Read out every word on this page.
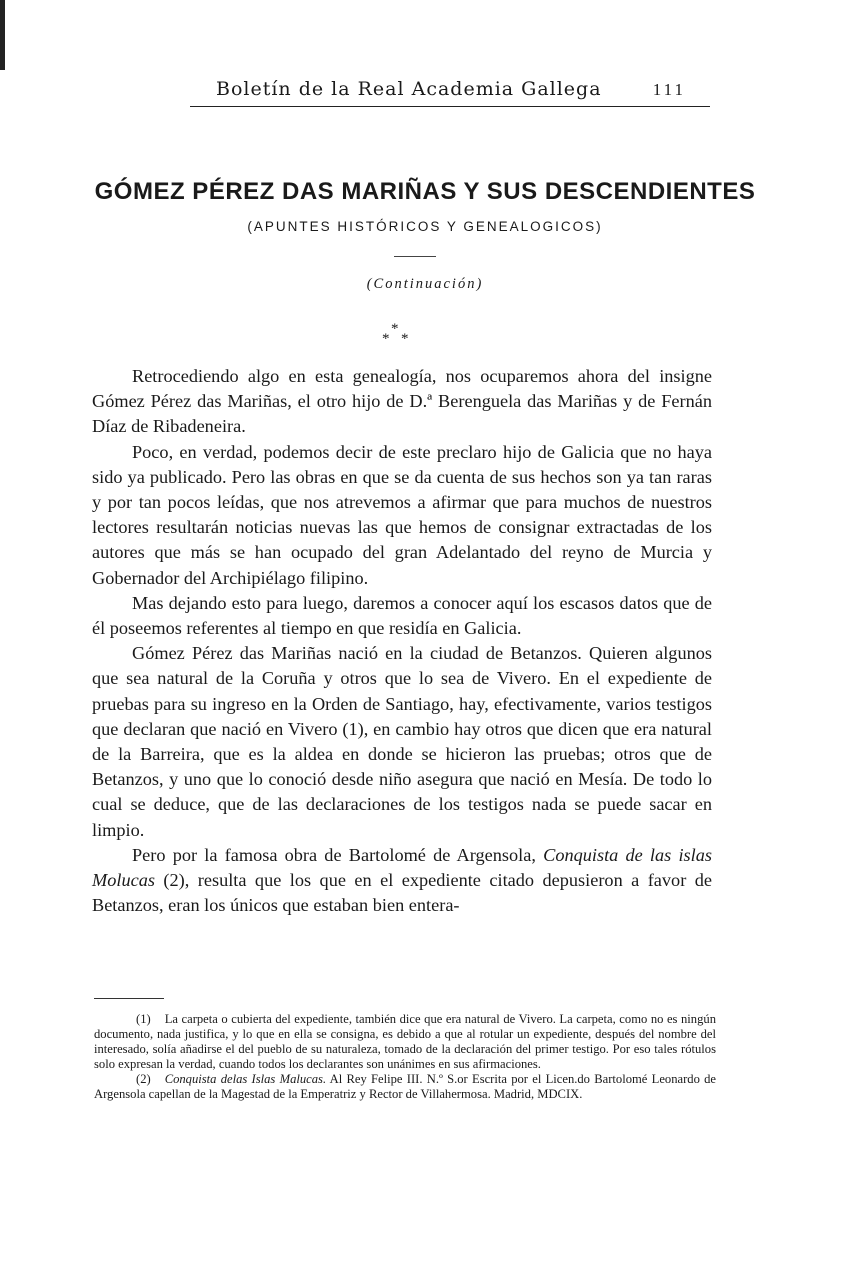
Boletín de la Real Academia Gallega	111
GÓMEZ PÉREZ DAS MARIÑAS Y SUS DESCENDIENTES
(APUNTES HISTÓRICOS Y GENEALOGICOS)
(Continuación)
*
* *

Retrocediendo algo en esta genealogía, nos ocuparemos ahora del insigne Gómez Pérez das Mariñas, el otro hijo de D.ª Berenguela das Mariñas y de Fernán Díaz de Ribadeneira.

Poco, en verdad, podemos decir de este preclaro hijo de Galicia que no haya sido ya publicado. Pero las obras en que se da cuenta de sus hechos son ya tan raras y por tan pocos leídas, que nos atrevemos a afirmar que para muchos de nuestros lectores resultarán noticias nuevas las que hemos de consignar extractadas de los autores que más se han ocupado del gran Adelantado del reyno de Murcia y Gobernador del Archipiélago filipino.

Mas dejando esto para luego, daremos a conocer aquí los escasos datos que de él poseemos referentes al tiempo en que residía en Galicia.

Gómez Pérez das Mariñas nació en la ciudad de Betanzos. Quieren algunos que sea natural de la Coruña y otros que lo sea de Vivero. En el expediente de pruebas para su ingreso en la Orden de Santiago, hay, efectivamente, varios testigos que declaran que nació en Vivero (1), en cambio hay otros que dicen que era natural de la Barreira, que es la aldea en donde se hicieron las pruebas; otros que de Betanzos, y uno que lo conoció desde niño asegura que nació en Mesía. De todo lo cual se deduce, que de las declaraciones de los testigos nada se puede sacar en limpio.

Pero por la famosa obra de Bartolomé de Argensola, Conquista de las islas Molucas (2), resulta que los que en el expediente citado depusieron a favor de Betanzos, eran los únicos que estaban bien entera-

(1) La carpeta o cubierta del expediente, también dice que era natural de Vivero. La carpeta, como no es ningún documento, nada justifica, y lo que en ella se consigna, es debido a que al rotular un expediente, después del nombre del interesado, solía añadirse el del pueblo de su naturaleza, tomado de la declaración del primer testigo. Por eso tales rótulos solo expresan la verdad, cuando todos los declarantes son unánimes en sus afirmaciones.

(2) Conquista delas Islas Malucas. Al Rey Felipe III. N.º S.or Escrita por el Licen.do Bartolomé Leonardo de Argensola capellan de la Magestad de la Emperatriz y Rector de Villahermosa. Madrid, MDCIX.
